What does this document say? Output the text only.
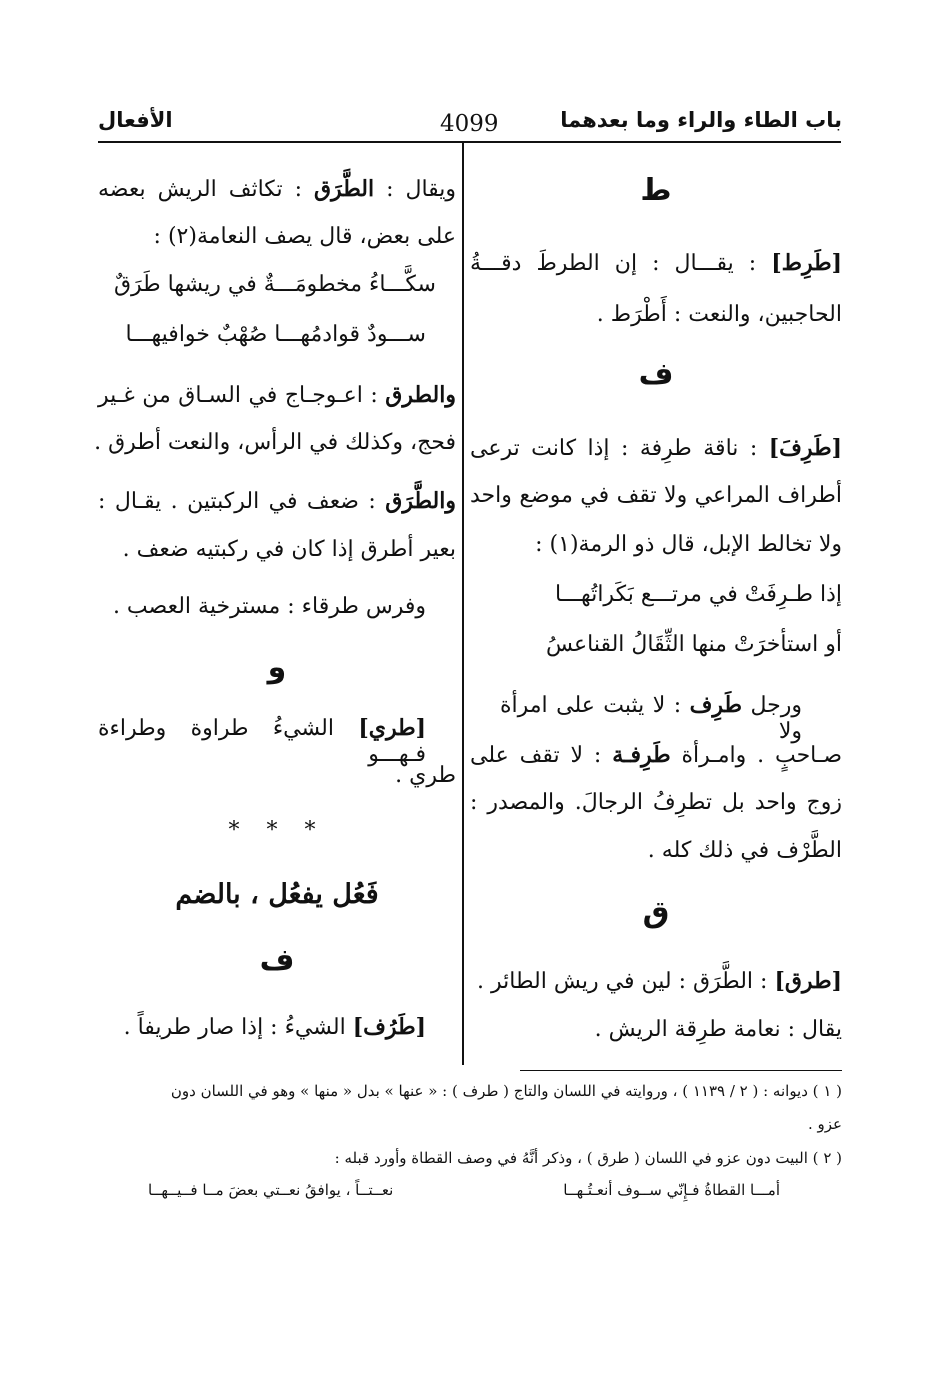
باب الطاء والراء وما بعدهما
4099
الأفعال
ط
[طَرِط] : يقـــال : إن الطرطَ دقـــةُ
الحاجبين، والنعت : أَطْرَط .
ف
[طَرِفَ] : ناقة طرِفة : إذا كانت ترعى
أطراف المراعي ولا تقف في موضع واحد
ولا تخالط الإبل، قال ذو الرمة(١) :
إذا طـرِفَتْ في مرتـــع بَكَراتُهـــا
أو استأخرَتْ منها الثِّقَالُ القناعسُ
ورجل طَرِف : لا يثبت على امرأة ولا
صـاحبٍ . وامـرأة طَرِفـة : لا تقف على
زوج واحد بل تطرِفُ الرجالَ. والمصدر :
الطَّرْف في ذلك كله .
ق
[طرق] : الطَّرَق : لين في ريش الطائر .
يقال : نعامة طرِقة الريش .
ويقال : الطَّرَق : تكاثف الريش بعضه
على بعض، قال يصف النعامة(٢) :
سكَّـــاءُ مخطومَـــةٌ في ريشها طَرَقٌ
ســـودٌ قوادمُهـــا صُهْبٌ خوافيهـــا
والطرق : اعـوجـاج في السـاق من غـير
فحج، وكذلك في الرأس، والنعت أطرق .
والطَّرَق : ضعف في الركبتين . يقـال :
بعير أطرق إذا كان في ركبتيه ضعف .
وفرس طرقاء : مسترخية العصب .
و
[طري] الشيءُ طراوة وطراءة فـهـــو
طري .
* * *
فَعُل يفعُل ، بالضم
ف
[طَرُف] الشيءُ : إذا صار طريفاً .
( ١ ) ديوانه : ( ٢ / ١١٣٩ ) ، وروايته في اللسان والتاج ( طرف ) : « عنها » بدل « منها » وهو في اللسان دون
عزو .
( ٢ ) البيت دون عزو في اللسان ( طرق ) ، وذكر أنَّهُ في وصف القطاة وأورد قبله :
أمـــا القطاةُ فـإِنّي ســوف أنعـتُـهــا
نعــتــاً ، يوافقُ نعــتي بعضَ مــا فــيــهــا
